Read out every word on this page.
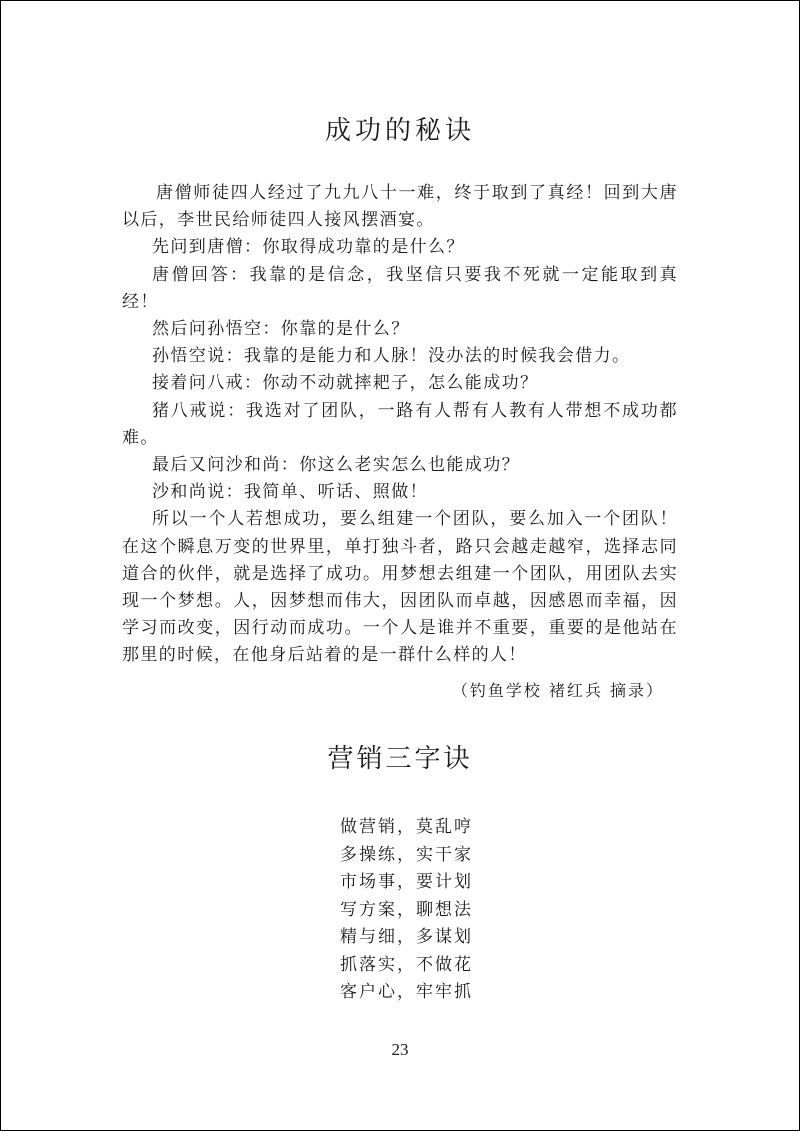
成功的秘诀

唐僧师徒四人经过了九九八十一难，终于取到了真经！回到大唐以后，李世民给师徒四人接风摆酒宴。

先问到唐僧：你取得成功靠的是什么？

唐僧回答：我靠的是信念，我坚信只要我不死就一定能取到真经！

然后问孙悟空：你靠的是什么？

孙悟空说：我靠的是能力和人脉！没办法的时候我会借力。

接着问八戒：你动不动就摔耙子，怎么能成功？

猪八戒说：我选对了团队，一路有人帮有人教有人带想不成功都难。

最后又问沙和尚：你这么老实怎么也能成功？

沙和尚说：我简单、听话、照做！

所以一个人若想成功，要么组建一个团队，要么加入一个团队！在这个瞬息万变的世界里，单打独斗者，路只会越走越窄，选择志同道合的伙伴，就是选择了成功。用梦想去组建一个团队，用团队去实现一个梦想。人，因梦想而伟大，因团队而卓越，因感恩而幸福，因学习而改变，因行动而成功。一个人是谁并不重要，重要的是他站在那里的时候，在他身后站着的是一群什么样的人！

（钓鱼学校 褚红兵 摘录）
营销三字诀
做营销，莫乱哼
多操练，实干家
市场事，要计划
写方案，聊想法
精与细，多谋划
抓落实，不做花
客户心，牢牢抓
23
